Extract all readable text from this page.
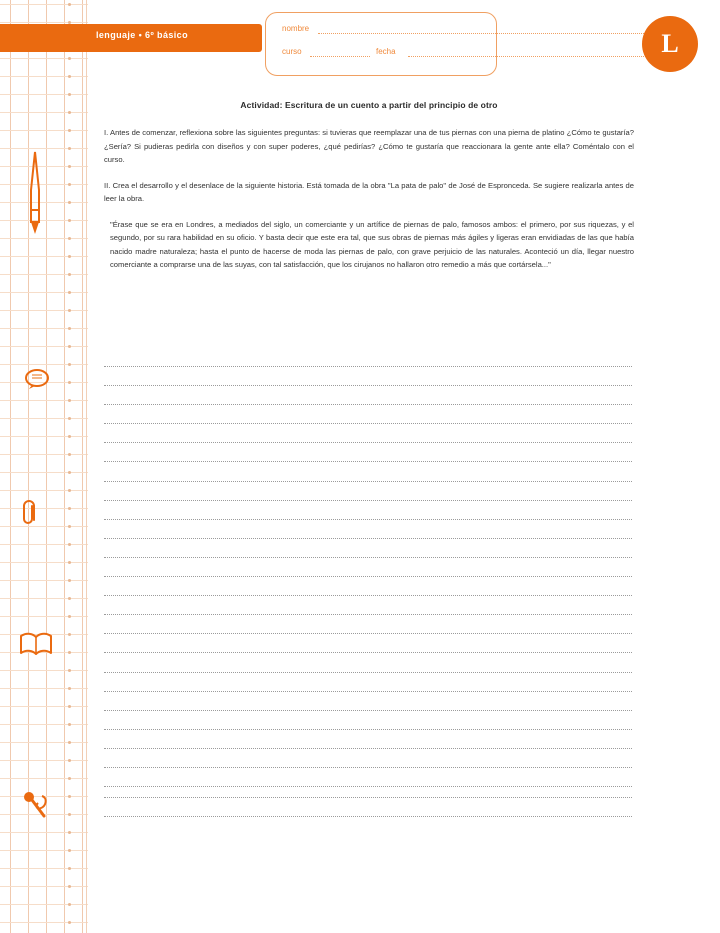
lenguaje • 6º básico
nombre
curso	fecha	L

Actividad: Escritura de un cuento a partir del principio de otro

I. Antes de comenzar, reflexiona sobre las siguientes preguntas: si tuvieras que reemplazar una de tus piernas con una pierna de platino ¿Cómo te gustaría? ¿Sería? Si pudieras pedirla con diseños y con super poderes, ¿qué pedirías? ¿Cómo te gustaría que reaccionara la gente ante ella? Coméntalo con el curso.

II. Crea el desarrollo y el desenlace de la siguiente historia. Está tomada de la obra "La pata de palo" de José de Espronceda. Se sugiere realizarla antes de leer la obra.

"Érase que se era en Londres, a mediados del siglo, un comerciante y un artífice de piernas de palo, famosos ambos: el primero, por sus riquezas, y el segundo, por su rara habilidad en su oficio. Y basta decir que este era tal, que sus obras de piernas más ágiles y ligeras eran envidiadas de las que había nacido madre naturaleza; hasta el punto de hacerse de moda las piernas de palo, con grave perjuicio de las naturales. Aconteció un día, llegar nuestro comerciante a comprarse una de las suyas, con tal satisfacción, que los cirujanos no hallaron otro remedio a más que cortársela..."
